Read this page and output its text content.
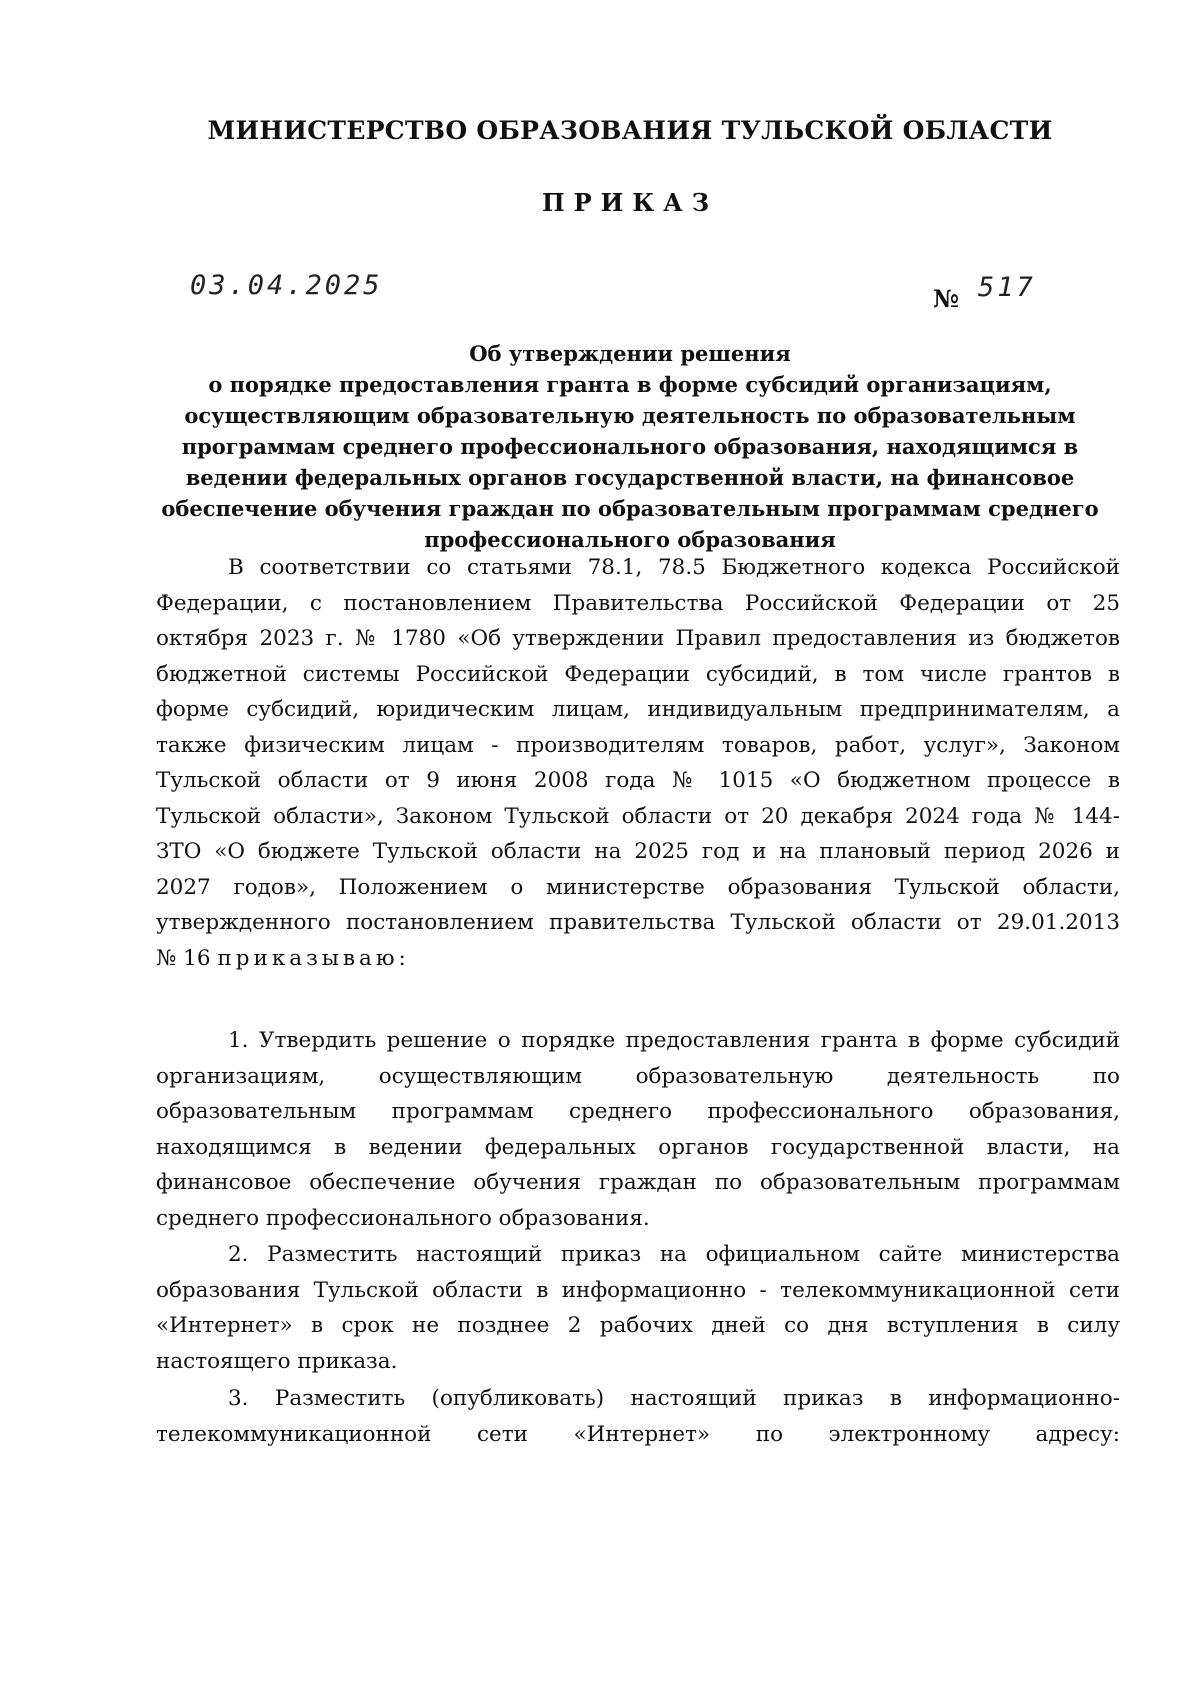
МИНИСТЕРСТВО ОБРАЗОВАНИЯ ТУЛЬСКОЙ ОБЛАСТИ
ПРИКАЗ
03.04.2025	№ 517
Об утверждении решения
о порядке предоставления гранта в форме субсидий организациям,
осуществляющим образовательную деятельность по образовательным
программам среднего профессионального образования, находящимся в
ведении федеральных органов государственной власти, на финансовое
обеспечение обучения граждан по образовательным программам среднего
профессионального образования
В соответствии со статьями 78.1, 78.5 Бюджетного кодекса Российской
Федерации, с постановлением Правительства Российской Федерации от 25
октября 2023 г. № 1780 «Об утверждении Правил предоставления из бюджетов
бюджетной системы Российской Федерации субсидий, в том числе грантов в
форме субсидий, юридическим лицам, индивидуальным предпринимателям, а
также физическим лицам - производителям товаров, работ, услуг», Законом
Тульской области от 9 июня 2008 года № 1015 «О бюджетном процессе в
Тульской области», Законом Тульской области от 20 декабря 2024 года № 144-
ЗТО «О бюджете Тульской области на 2025 год и на плановый период 2026 и
2027 годов», Положением о министерстве образования Тульской области,
утвержденного постановлением правительства Тульской области от 29.01.2013
№ 16 приказываю:
1. Утвердить решение о порядке предоставления гранта в форме субсидий
организациям, осуществляющим образовательную деятельность по
образовательным программам среднего профессионального образования,
находящимся в ведении федеральных органов государственной власти, на
финансовое обеспечение обучения граждан по образовательным программам
среднего профессионального образования.
2. Разместить настоящий приказ на официальном сайте министерства
образования Тульской области в информационно - телекоммуникационной сети
«Интернет» в срок не позднее 2 рабочих дней со дня вступления в силу
настоящего приказа.
3. Разместить (опубликовать) настоящий приказ в информационно-
телекоммуникационной сети «Интернет» по электронному адресу:
